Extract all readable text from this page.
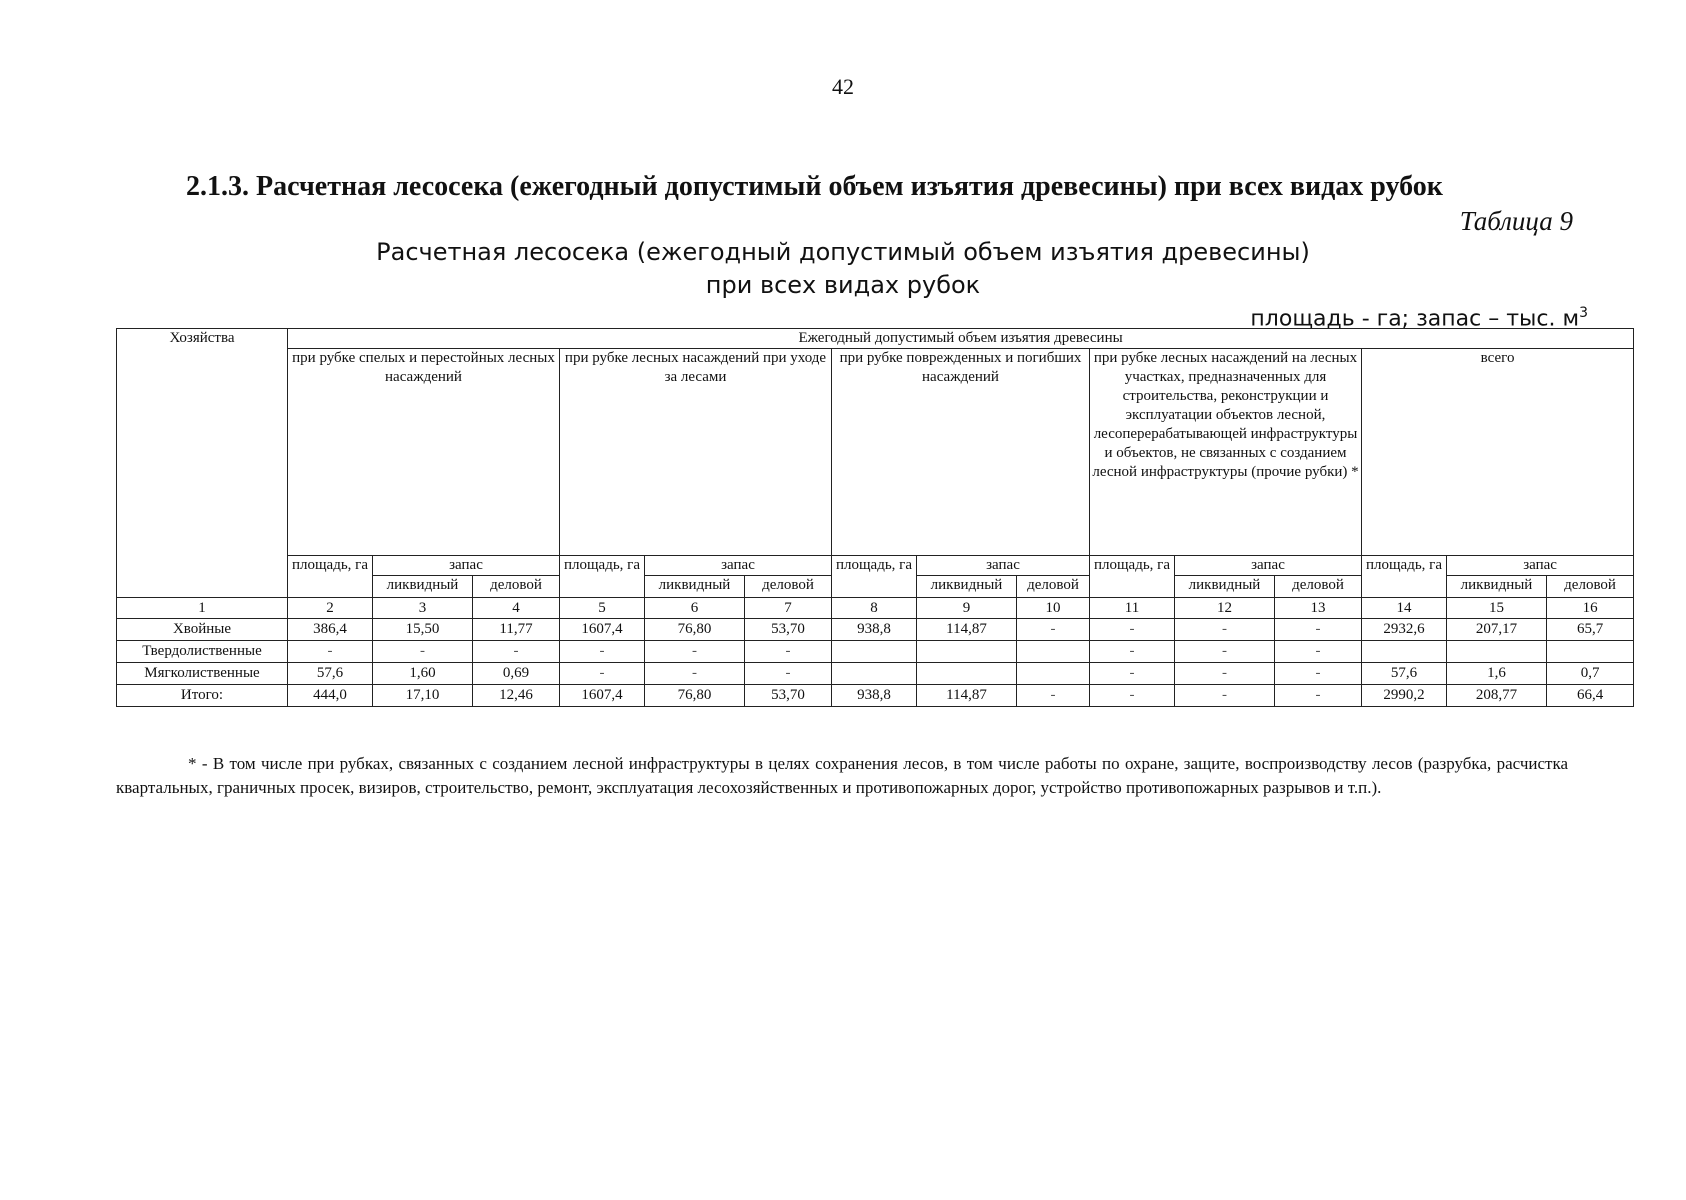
42
2.1.3. Расчетная лесосека (ежегодный допустимый объем изъятия древесины) при всех видах рубок
Таблица 9
Расчетная лесосека (ежегодный допустимый объем изъятия древесины)
при всех видах рубок
площадь - га; запас – тыс. $м^3$
Хозяйства	Ежегодный допустимый объем изъятия древесины														
	при рубке спелых и перестойных лесных насаждений			при рубке лесных насаждений при уходе за лесами			при рубке поврежденных и погибших насаждений			при рубке лесных насаждений на лесных участках, предназначенных для строительства, реконструкции и эксплуатации объектов лесной, лесоперерабатывающей инфраструктуры и объектов, не связанных с созданием лесной инфраструктуры (прочие рубки) *			всего		
	площадь, га	запас		площадь, га	запас		площадь, га	запас		площадь, га	запас		площадь, га	запас	
		ликвидный	деловой		ликвидный	деловой		ликвидный	деловой		ликвидный	деловой		ликвидный	деловой
1	2	3	4	5	6	7	8	9	10	11	12	13	14	15	16
Хвойные	386,4	15,50	11,77	1607,4	76,80	53,70	938,8	114,87	-	-	-	-	2932,6	207,17	65,7
Твердолиственные	-	-	-	-	-	-				-	-	-			
Мягколиственные	57,6	1,60	0,69	-	-	-				-	-	-	57,6	1,6	0,7
Итого:	444,0	17,10	12,46	1607,4	76,80	53,70	938,8	114,87	-	-	-	-	2990,2	208,77	66,4
* - В том числе при рубках, связанных с созданием лесной инфраструктуры в целях сохранения лесов, в том числе работы по охране, защите, воспроизводству лесов (разрубка, расчистка квартальных, граничных просек, визиров, строительство, ремонт, эксплуатация лесохозяйственных и противопожарных дорог, устройство противопожарных разрывов и т.п.).
